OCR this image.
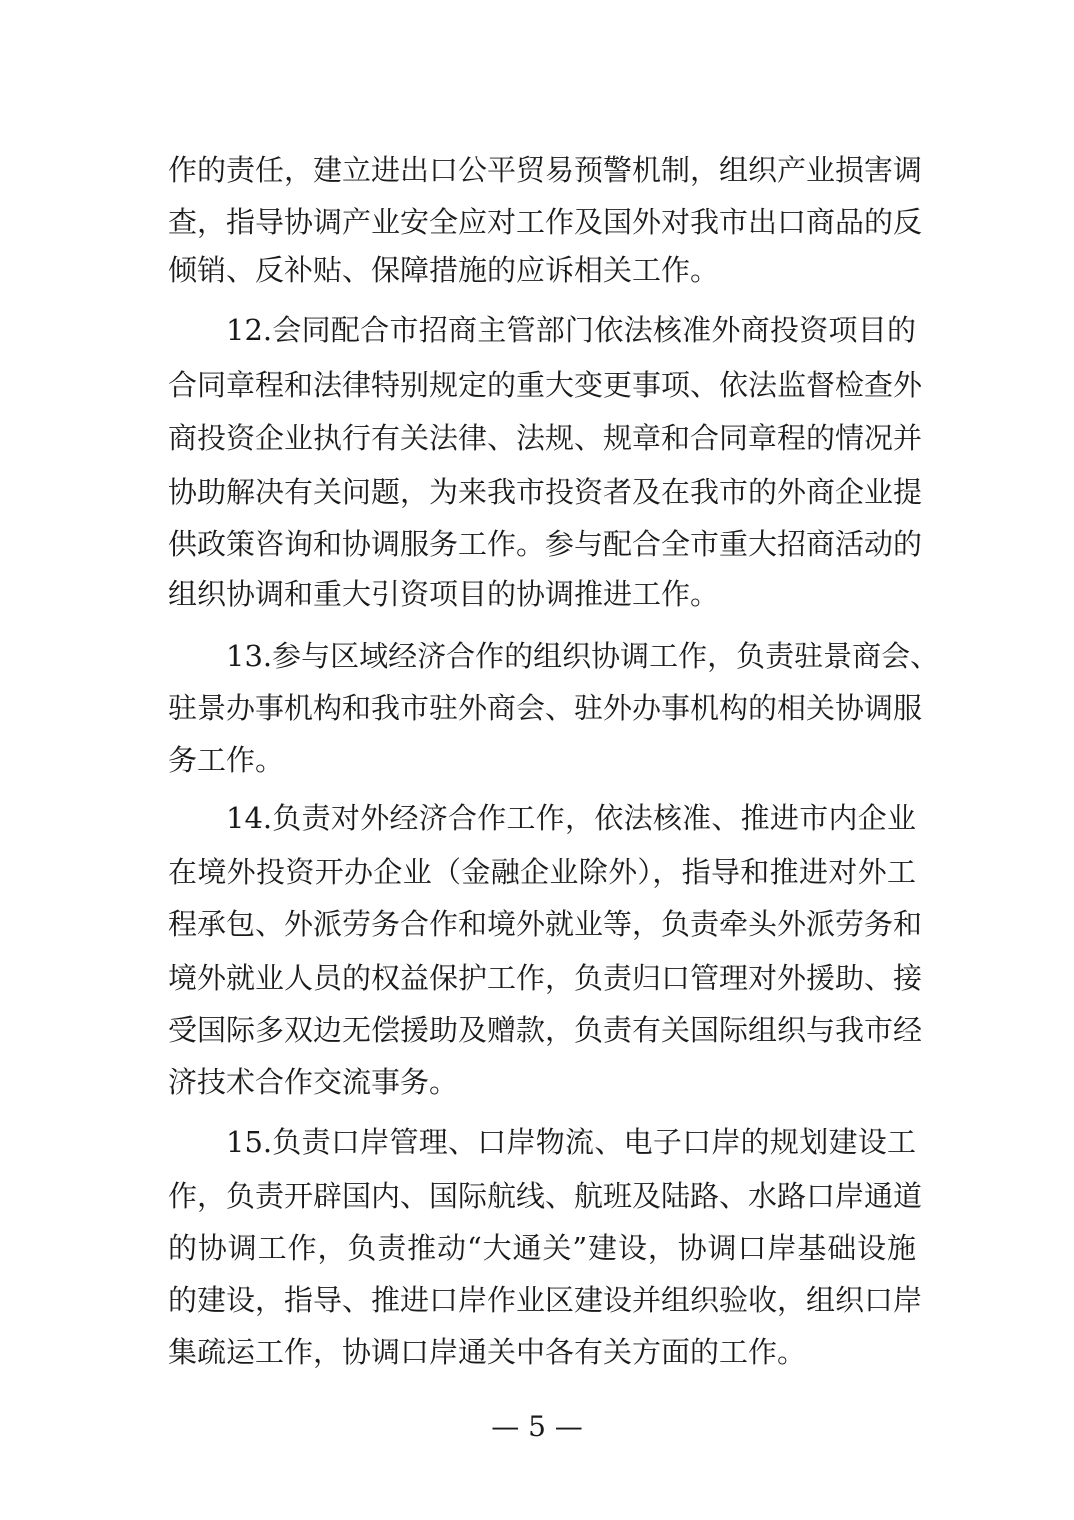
作的责任，建立进出口公平贸易预警机制，组织产业损害调
查，指导协调产业安全应对工作及国外对我市出口商品的反
倾销、反补贴、保障措施的应诉相关工作。
12.会同配合市招商主管部门依法核准外商投资项目的
合同章程和法律特别规定的重大变更事项、依法监督检查外
商投资企业执行有关法律、法规、规章和合同章程的情况并
协助解决有关问题，为来我市投资者及在我市的外商企业提
供政策咨询和协调服务工作。参与配合全市重大招商活动的
组织协调和重大引资项目的协调推进工作。
13.参与区域经济合作的组织协调工作，负责驻景商会、
驻景办事机构和我市驻外商会、驻外办事机构的相关协调服
务工作。
14.负责对外经济合作工作，依法核准、推进市内企业
在境外投资开办企业（金融企业除外），指导和推进对外工
程承包、外派劳务合作和境外就业等，负责牵头外派劳务和
境外就业人员的权益保护工作，负责归口管理对外援助、接
受国际多双边无偿援助及赠款，负责有关国际组织与我市经
济技术合作交流事务。
15.负责口岸管理、口岸物流、电子口岸的规划建设工
作，负责开辟国内、国际航线、航班及陆路、水路口岸通道
的协调工作，负责推动“大通关”建设，协调口岸基础设施
的建设，指导、推进口岸作业区建设并组织验收，组织口岸
集疏运工作，协调口岸通关中各有关方面的工作。
— 5 —
